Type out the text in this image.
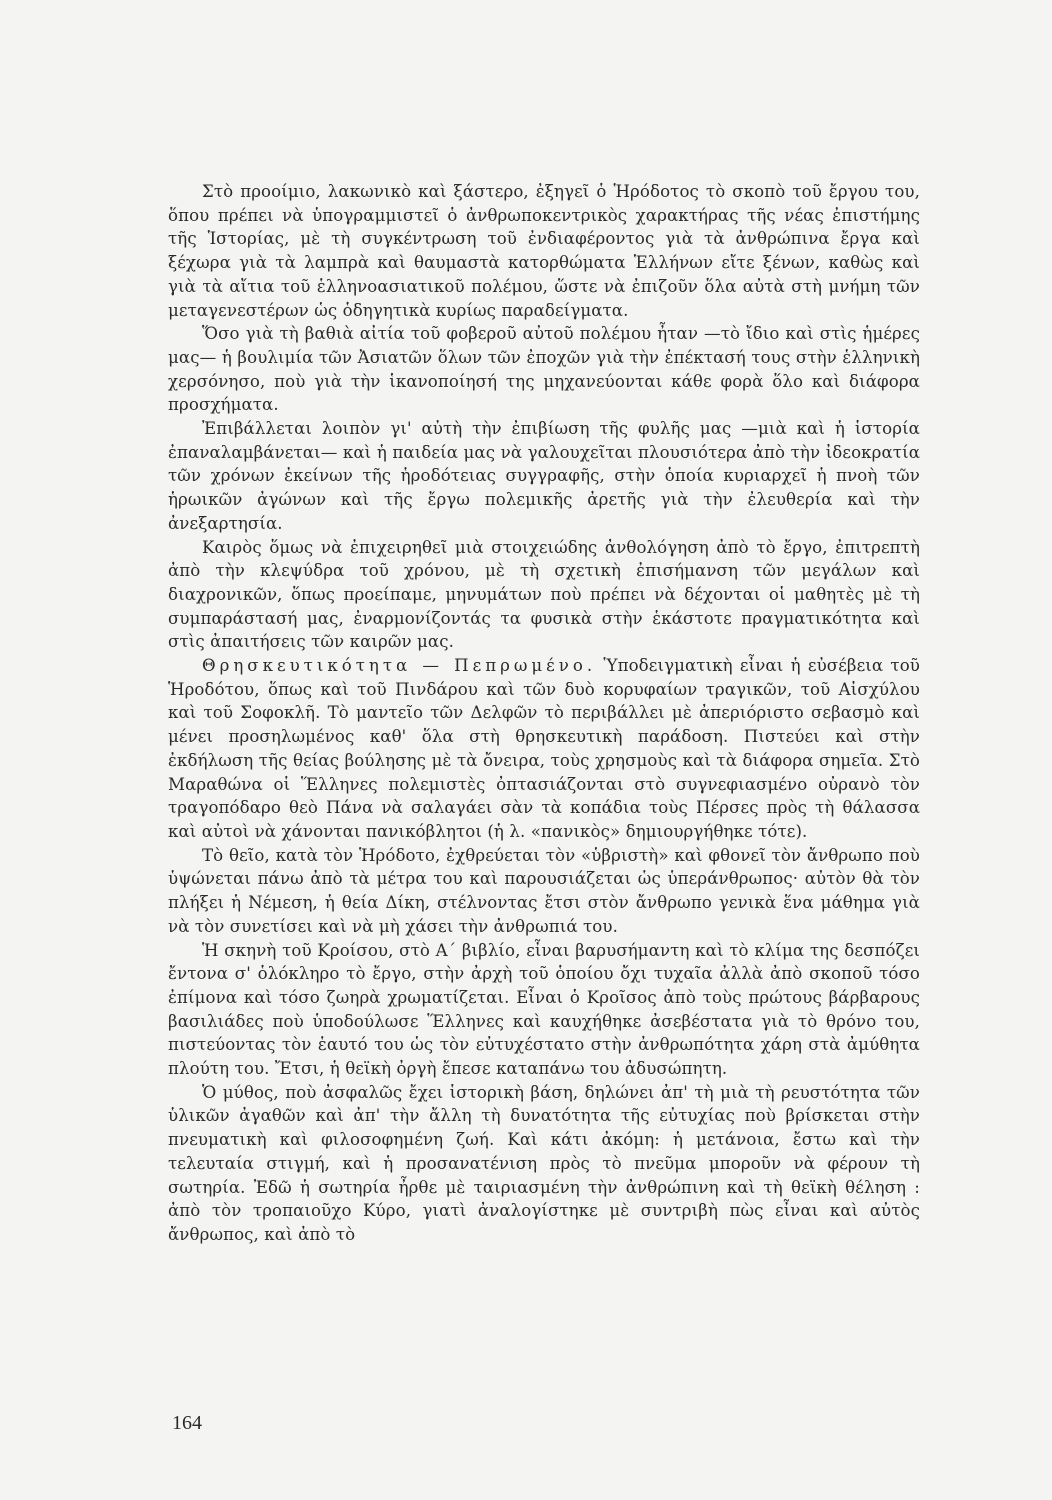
Στὸ προοίμιο, λακωνικὸ καὶ ξάστερο, ἐξηγεῖ ὁ Ἡρόδοτος τὸ σκοπὸ τοῦ ἔργου του, ὅπου πρέπει νὰ ὑπογραμμιστεῖ ὁ ἀνθρωποκεντρικὸς χαρακτήρας τῆς νέας ἐπιστήμης τῆς Ἱστορίας, μὲ τὴ συγκέντρωση τοῦ ἐνδιαφέροντος γιὰ τὰ ἀνθρώπινα ἔργα καὶ ξέχωρα γιὰ τὰ λαμπρὰ καὶ θαυμαστὰ κατορθώματα Ἑλλήνων εἴτε ξένων, καθὼς καὶ γιὰ τὰ αἴτια τοῦ ἑλληνοασιατικοῦ πολέμου, ὥστε νὰ ἐπιζοῦν ὅλα αὐτὰ στὴ μνήμη τῶν μεταγενεστέρων ὡς ὁδηγητικὰ κυρίως παραδείγματα.

Ὅσο γιὰ τὴ βαθιὰ αἰτία τοῦ φοβεροῦ αὐτοῦ πολέμου ἦταν —τὸ ἴδιο καὶ στὶς ἡμέρες μας— ἡ βουλιμία τῶν Ἀσιατῶν ὅλων τῶν ἐποχῶν γιὰ τὴν ἐπέκτασή τους στὴν ἑλληνικὴ χερσόνησο, ποὺ γιὰ τὴν ἱκανοποίησή της μηχανεύονται κάθε φορὰ ὅλο καὶ διάφορα προσχήματα.

Ἐπιβάλλεται λοιπὸν γι' αὐτὴ τὴν ἐπιβίωση τῆς φυλῆς μας —μιὰ καὶ ἡ ἱστορία ἐπαναλαμβάνεται— καὶ ἡ παιδεία μας νὰ γαλουχεῖται πλουσιότερα ἀπὸ τὴν ἰδεοκρατία τῶν χρόνων ἐκείνων τῆς ἡροδότειας συγγραφῆς, στὴν ὁποία κυριαρχεῖ ἡ πνοὴ τῶν ἡρωικῶν ἀγώνων καὶ τῆς ἔργω πολεμικῆς ἀρετῆς γιὰ τὴν ἐλευθερία καὶ τὴν ἀνεξαρτησία.

Καιρὸς ὅμως νὰ ἐπιχειρηθεῖ μιὰ στοιχειώδης ἀνθολόγηση ἀπὸ τὸ ἔργο, ἐπιτρεπτὴ ἀπὸ τὴν κλεψύδρα τοῦ χρόνου, μὲ τὴ σχετικὴ ἐπισήμανση τῶν μεγάλων καὶ διαχρονικῶν, ὅπως προείπαμε, μηνυμάτων ποὺ πρέπει νὰ δέχονται οἱ μαθητὲς μὲ τὴ συμπαράστασή μας, ἐναρμονίζοντάς τα φυσικὰ στὴν ἑκάστοτε πραγματικότητα καὶ στὶς ἀπαιτήσεις τῶν καιρῶν μας.

Θρησκευτικότητα — Πεπρωμένο. Ὑποδειγματικὴ εἶναι ἡ εὐσέβεια τοῦ Ἡροδότου, ὅπως καὶ τοῦ Πινδάρου καὶ τῶν δυὸ κορυφαίων τραγικῶν, τοῦ Αἰσχύλου καὶ τοῦ Σοφοκλῆ. Τὸ μαντεῖο τῶν Δελφῶν τὸ περιβάλλει μὲ ἀπεριόριστο σεβασμὸ καὶ μένει προσηλωμένος καθ' ὅλα στὴ θρησκευτικὴ παράδοση. Πιστεύει καὶ στὴν ἐκδήλωση τῆς θείας βούλησης μὲ τὰ ὄνειρα, τοὺς χρησμοὺς καὶ τὰ διάφορα σημεῖα. Στὸ Μαραθώνα οἱ Ἕλληνες πολεμιστὲς ὀπτασιάζονται στὸ συγνεφιασμένο οὐρανὸ τὸν τραγοπόδαρο θεὸ Πάνα νὰ σαλαγάει σὰν τὰ κοπάδια τοὺς Πέρσες πρὸς τὴ θάλασσα καὶ αὐτοὶ νὰ χάνονται πανικόβλητοι (ἡ λ. «πανικὸς» δημιουργήθηκε τότε).

Τὸ θεῖο, κατὰ τὸν Ἡρόδοτο, ἐχθρεύεται τὸν «ὑβριστὴ» καὶ φθονεῖ τὸν ἄνθρωπο ποὺ ὑψώνεται πάνω ἀπὸ τὰ μέτρα του καὶ παρουσιάζεται ὡς ὑπεράνθρωπος· αὐτὸν θὰ τὸν πλήξει ἡ Νέμεση, ἡ θεία Δίκη, στέλνοντας ἔτσι στὸν ἄνθρωπο γενικὰ ἕνα μάθημα γιὰ νὰ τὸν συνετίσει καὶ νὰ μὴ χάσει τὴν ἀνθρωπιά του.

Ἡ σκηνὴ τοῦ Κροίσου, στὸ Α΄ βιβλίο, εἶναι βαρυσήμαντη καὶ τὸ κλίμα της δεσπόζει ἔντονα σ' ὁλόκληρο τὸ ἔργο, στὴν ἀρχὴ τοῦ ὁποίου ὄχι τυχαῖα ἀλλὰ ἀπὸ σκοποῦ τόσο ἐπίμονα καὶ τόσο ζωηρὰ χρωματίζεται. Εἶναι ὁ Κροῖσος ἀπὸ τοὺς πρώτους βάρβαρους βασιλιάδες ποὺ ὑποδούλωσε Ἕλληνες καὶ καυχήθηκε ἀσεβέστατα γιὰ τὸ θρόνο του, πιστεύοντας τὸν ἑαυτό του ὡς τὸν εὐτυχέστατο στὴν ἀνθρωπότητα χάρη στὰ ἀμύθητα πλούτη του. Ἔτσι, ἡ θεϊκὴ ὀργὴ ἔπεσε καταπάνω του ἀδυσώπητη.

Ὁ μύθος, ποὺ ἀσφαλῶς ἔχει ἱστορικὴ βάση, δηλώνει ἀπ' τὴ μιὰ τὴ ρευστότητα τῶν ὑλικῶν ἀγαθῶν καὶ ἀπ' τὴν ἄλλη τὴ δυνατότητα τῆς εὐτυχίας ποὺ βρίσκεται στὴν πνευματικὴ καὶ φιλοσοφημένη ζωή. Καὶ κάτι ἀκόμη: ἡ μετάνοια, ἔστω καὶ τὴν τελευταία στιγμή, καὶ ἡ προσανατένιση πρὸς τὸ πνεῦμα μποροῦν νὰ φέρουν τὴ σωτηρία. Ἐδῶ ἡ σωτηρία ἦρθε μὲ ταιριασμένη τὴν ἀνθρώπινη καὶ τὴ θεϊκὴ θέληση : ἀπὸ τὸν τροπαιοῦχο Κύρο, γιατὶ ἀναλογίστηκε μὲ συντριβὴ πὼς εἶναι καὶ αὐτὸς ἄνθρωπος, καὶ ἀπὸ τὸ

164
